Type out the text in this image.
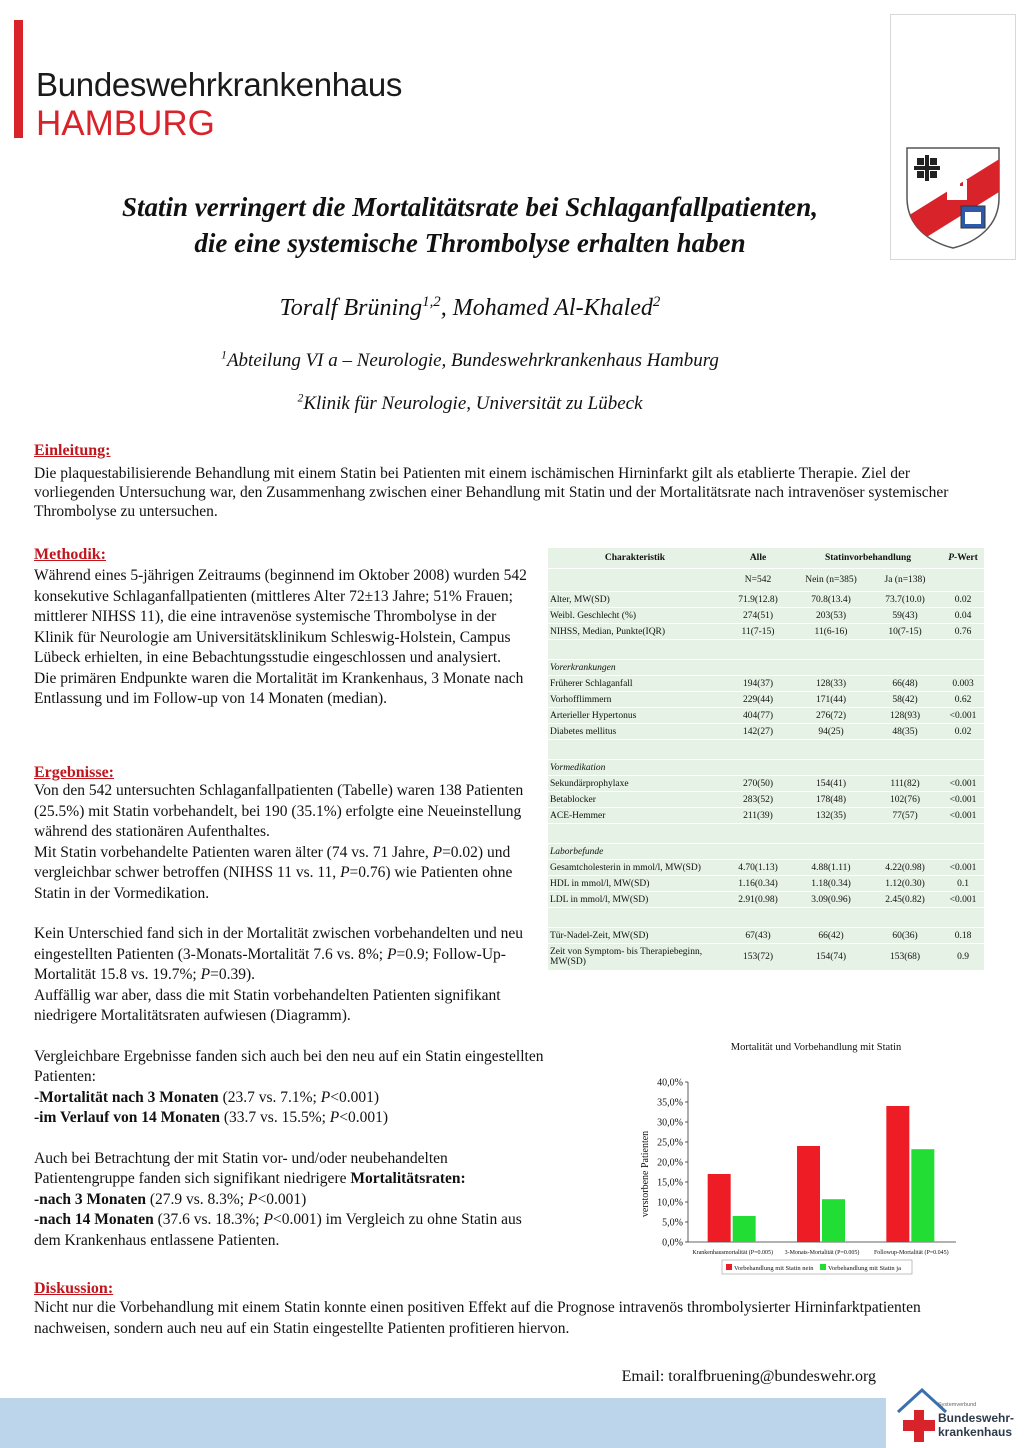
Bundeswehrkrankenhaus
HAMBURG
Statin verringert die Mortalitätsrate bei Schlaganfallpatienten,
die eine systemische Thrombolyse erhalten haben
Toralf Brüning$^{1,2}$, Mohamed Al-Khaled$^2$
$^1$Abteilung VI a – Neurologie, Bundeswehrkrankenhaus Hamburg
$^2$Klinik für Neurologie, Universität zu Lübeck
Einleitung:
Die plaquestabilisierende Behandlung mit einem Statin bei Patienten mit einem ischämischen Hirninfarkt gilt als etablierte Therapie. Ziel der vorliegenden Untersuchung war, den Zusammenhang zwischen einer Behandlung mit Statin und der Mortalitätsrate nach intravenöser systemischer Thrombolyse zu untersuchen.
Methodik:
Während eines 5-jährigen Zeitraums (beginnend im Oktober 2008) wurden 542 konsekutive Schlaganfallpatienten (mittleres Alter 72±13 Jahre; 51% Frauen; mittlerer NIHSS 11), die eine intravenöse systemische Thrombolyse in der Klinik für Neurologie am Universitätsklinikum Schleswig-Holstein, Campus Lübeck erhielten, in eine Bebachtungsstudie eingeschlossen und analysiert.
Die primären Endpunkte waren die Mortalität im Krankenhaus, 3 Monate nach Entlassung und im Follow-up von 14 Monaten (median).
Ergebnisse:
Von den 542 untersuchten Schlaganfallpatienten (Tabelle) waren 138 Patienten (25.5%) mit Statin vorbehandelt, bei 190 (35.1%) erfolgte eine Neueinstellung während des stationären Aufenthaltes.
Mit Statin vorbehandelte Patienten waren älter (74 vs. 71 Jahre, P=0.02) und vergleichbar schwer betroffen (NIHSS 11 vs. 11, P=0.76) wie Patienten ohne Statin in der Vormedikation.
Kein Unterschied fand sich in der Mortalität zwischen vorbehandelten und neu eingestellten Patienten (3-Monats-Mortalität 7.6 vs. 8%; P=0.9; Follow-Up-Mortalität 15.8 vs. 19.7%; P=0.39).
Auffällig war aber, dass die mit Statin vorbehandelten Patienten signifikant niedrigere Mortalitätsraten aufwiesen (Diagramm).
Vergleichbare Ergebnisse fanden sich auch bei den neu auf ein Statin eingestellten Patienten:
-Mortalität nach 3 Monaten (23.7 vs. 7.1%; P<0.001)
-im Verlauf von 14 Monaten (33.7 vs. 15.5%; P<0.001)
Auch bei Betrachtung der mit Statin vor- und/oder neubehandelten Patientengruppe fanden sich signifikant niedrigere Mortalitätsraten:
-nach 3 Monaten (27.9 vs. 8.3%; P<0.001)
-nach 14 Monaten (37.6 vs. 18.3%; P<0.001) im Vergleich zu ohne Statin aus dem Krankenhaus entlassene Patienten.
Charakteristik	Alle	Statinvorbehandlung		P-Wert
	N=542	Nein (n=385)	Ja (n=138)	
Alter, MW(SD)	71.9(12.8)	70.8(13.4)	73.7(10.0)	0.02
Weibl. Geschlecht (%)	274(51)	203(53)	59(43)	0.04
NIHSS, Median, Punkte(IQR)	11(7-15)	11(6-16)	10(7-15)	0.76

Vorerkrankungen				
Früherer Schlaganfall	194(37)	128(33)	66(48)	0.003
Vorhofflimmern	229(44)	171(44)	58(42)	0.62
Arterieller Hypertonus	404(77)	276(72)	128(93)	<0.001
Diabetes mellitus	142(27)	94(25)	48(35)	0.02

Vormedikation				
Sekundärprophylaxe	270(50)	154(41)	111(82)	<0.001
Betablocker	283(52)	178(48)	102(76)	<0.001
ACE-Hemmer	211(39)	132(35)	77(57)	<0.001

Laborbefunde				
Gesamtcholesterin in mmol/l, MW(SD)	4.70(1.13)	4.88(1.11)	4.22(0.98)	<0.001
HDL in mmol/l, MW(SD)	1.16(0.34)	1.18(0.34)	1.12(0.30)	0.1
LDL in mmol/l, MW(SD)	2.91(0.98)	3.09(0.96)	2.45(0.82)	<0.001

Tür-Nadel-Zeit, MW(SD)	67(43)	66(42)	60(36)	0.18
Zeit von Symptom- bis Therapiebeginn, MW(SD)	153(72)	154(74)	153(68)	0.9
Mortalität und Vorbehandlung mit Statin
verstorbene Patienten
0,0%
5,0%
10,0%
15,0%
20,0%
25,0%
30,0%
35,0%
40,0%
Krankenhausmortalität (P=0.005) 3-Monats-Mortalität (P=0.005) Followup-Mortalität (P=0.045)
Vorbehandlung mit Statin nein Vorbehandlung mit Statin ja
Diskussion:
Nicht nur die Vorbehandlung mit einem Statin konnte einen positiven Effekt auf die Prognose intravenös thrombolysierter Hirninfarktpatienten nachweisen, sondern auch neu auf ein Statin eingestellte Patienten profitieren hiervon.
Email: toralfbruening@bundeswehr.org
Systemverbund
Bundeswehr-
krankenhaus
